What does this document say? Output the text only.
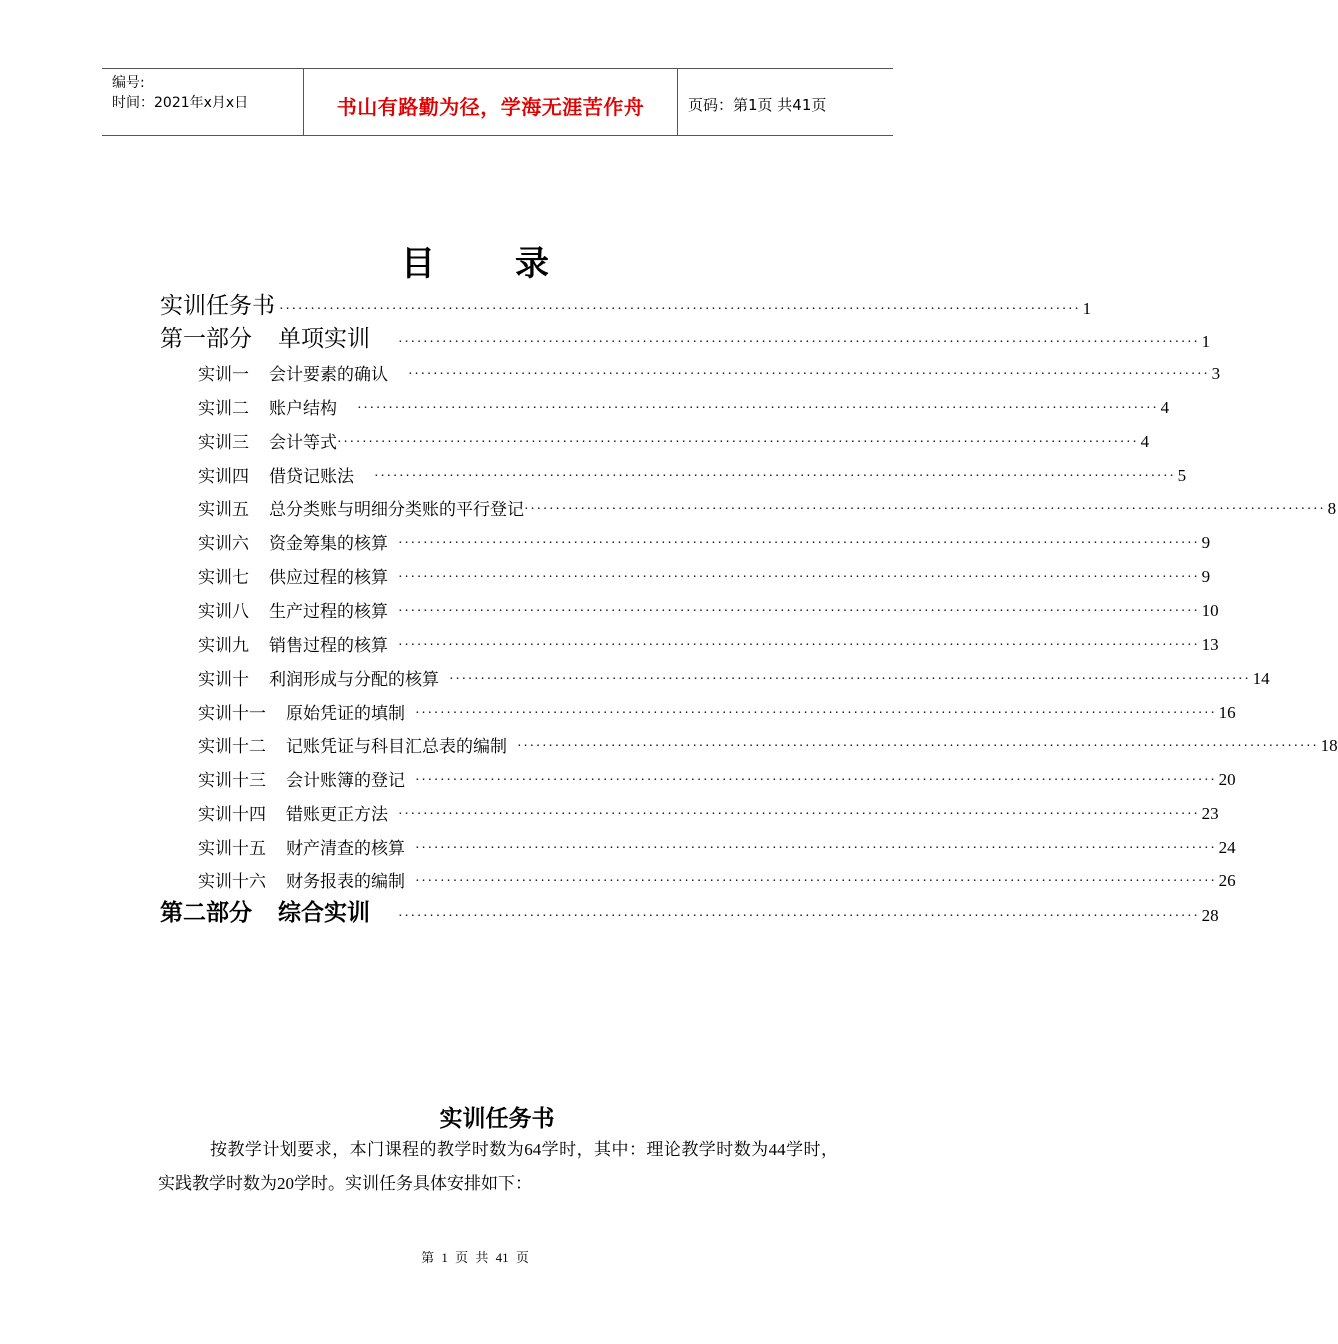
编号:
时间：2021年x月x日	书山有路勤为径，学海无涯苦作舟	页码：第1页 共41页
目 录
实训任务书 ································································································································ 1
第一部分 单项实训 ································································································································ 1
实训一 会计要素的确认 ································································································································ 3
实训二 账户结构 ································································································································ 4
实训三 会计等式 ································································································································ 4
实训四 借贷记账法 ································································································································ 5
实训五 总分类账与明细分类账的平行登记 ································································································································ 8
实训六 资金筹集的核算 ································································································································ 9
实训七 供应过程的核算 ································································································································ 9
实训八 生产过程的核算 ································································································································ 10
实训九 销售过程的核算 ································································································································ 13
实训十 利润形成与分配的核算 ································································································································ 14
实训十一 原始凭证的填制 ································································································································ 16
实训十二 记账凭证与科目汇总表的编制 ································································································································ 18
实训十三 会计账簿的登记 ································································································································ 20
实训十四 错账更正方法 ································································································································ 23
实训十五 财产清查的核算 ································································································································ 24
实训十六 财务报表的编制 ································································································································ 26
第二部分 综合实训 ································································································································ 28
实训任务书
按教学计划要求，本门课程的教学时数为64学时，其中：理论教学时数为44学时，实践教学时数为20学时。实训任务具体安排如下：
第 1 页 共 41 页
